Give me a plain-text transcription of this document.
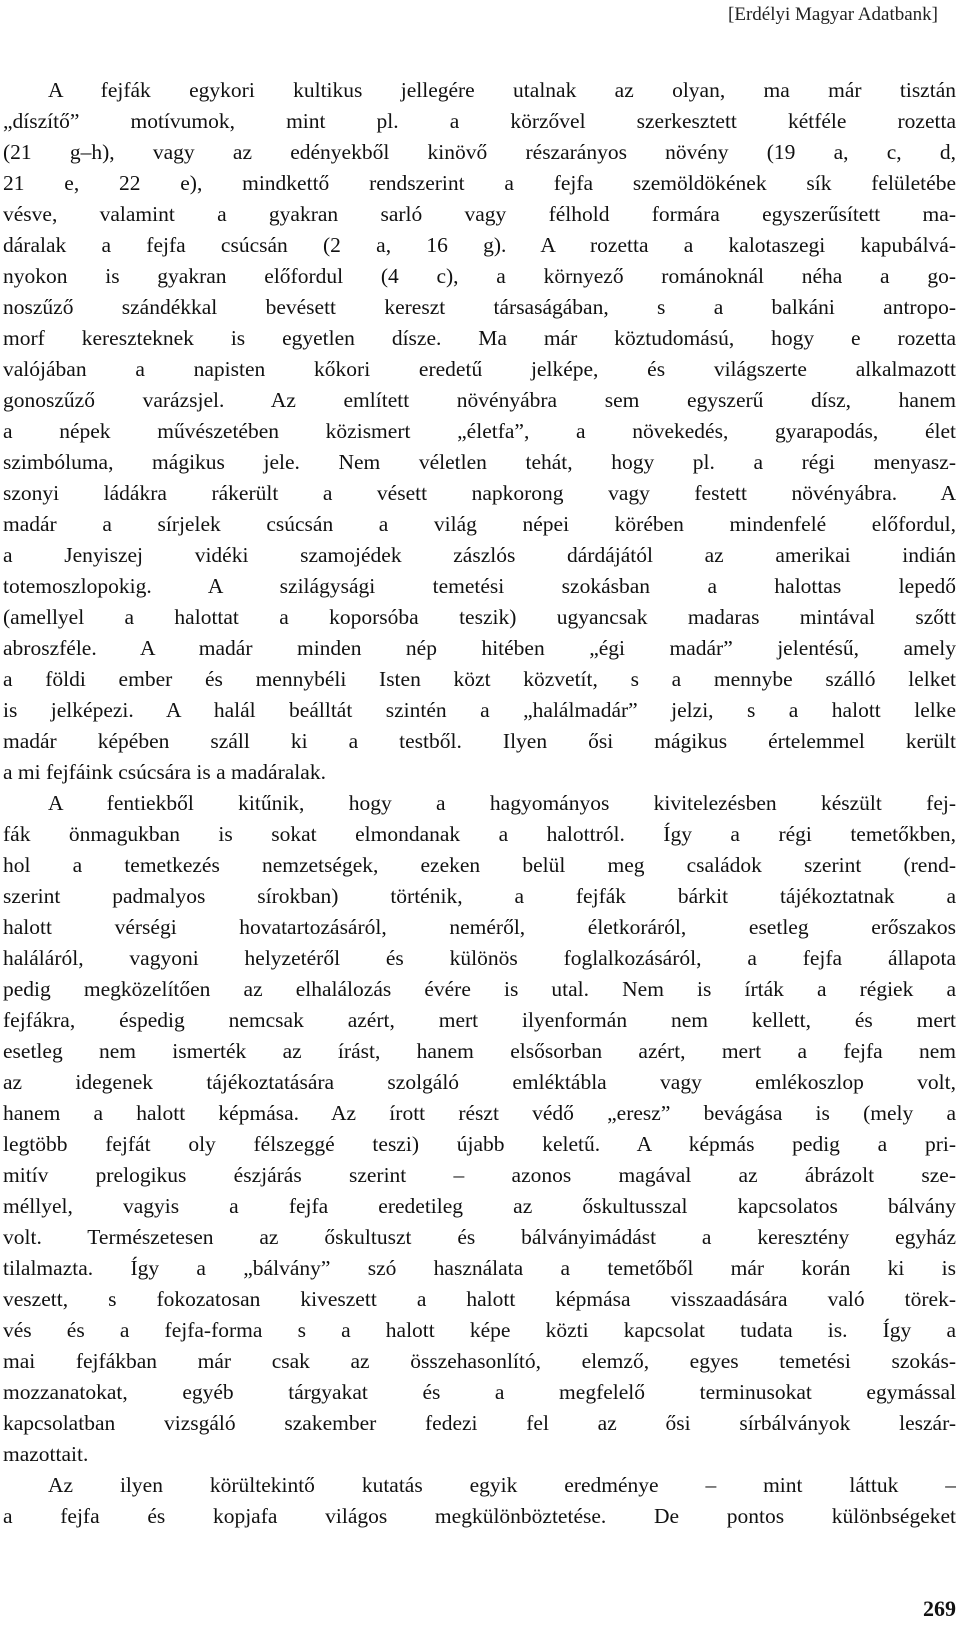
[Erdélyi Magyar Adatbank]
A fejfák egykori kultikus jellegére utalnak az olyan, ma már tisztán
„díszítő” motívumok, mint pl. a körzővel szerkesztett kétféle rozetta
(21 g–h), vagy az edényekből kinövő részarányos növény (19 a, c, d,
21 e, 22 e), mindkettő rendszerint a fejfa szemöldökének sík felületébe
vésve, valamint a gyakran sarló vagy félhold formára egyszerűsített ma-
dáralak a fejfa csúcsán (2 a, 16 g). A rozetta a kalotaszegi kapubálvá-
nyokon is gyakran előfordul (4 c), a környező románoknál néha a go-
noszűző szándékkal bevésett kereszt társaságában, s a balkáni antropo-
morf kereszteknek is egyetlen dísze. Ma már köztudomású, hogy e rozetta
valójában a napisten kőkori eredetű jelképe, és világszerte alkalmazott
gonoszűző varázsjel. Az említett növényábra sem egyszerű dísz, hanem
a népek művészetében közismert „életfa”, a növekedés, gyarapodás, élet
szimbóluma, mágikus jele. Nem véletlen tehát, hogy pl. a régi menyasz-
szonyi ládákra rákerült a vésett napkorong vagy festett növényábra. A
madár a sírjelek csúcsán a világ népei körében mindenfelé előfordul,
a Jenyiszej vidéki szamojédek zászlós dárdájától az amerikai indián
totemoszlopokig. A szilágysági temetési szokásban a halottas lepedő
(amellyel a halottat a koporsóba teszik) ugyancsak madaras mintával szőtt
abroszféle. A madár minden nép hitében „égi madár” jelentésű, amely
a földi ember és mennybéli Isten közt közvetít, s a mennybe szálló lelket
is jelképezi. A halál beálltát szintén a „halálmadár” jelzi, s a halott lelke
madár képében száll ki a testből. Ilyen ősi mágikus értelemmel került
a mi fejfáink csúcsára is a madáralak.
A fentiekből kitűnik, hogy a hagyományos kivitelezésben készült fej-
fák önmagukban is sokat elmondanak a halottról. Így a régi temetőkben,
hol a temetkezés nemzetségek, ezeken belül meg családok szerint (rend-
szerint padmalyos sírokban) történik, a fejfák bárkit tájékoztatnak a
halott vérségi hovatartozásáról, neméről, életkoráról, esetleg erőszakos
haláláról, vagyoni helyzetéről és különös foglalkozásáról, a fejfa állapota
pedig megközelítően az elhalálozás évére is utal. Nem is írták a régiek a
fejfákra, éspedig nemcsak azért, mert ilyenformán nem kellett, és mert
esetleg nem ismerték az írást, hanem elsősorban azért, mert a fejfa nem
az idegenek tájékoztatására szolgáló emléktábla vagy emlékoszlop volt,
hanem a halott képmása. Az írott részt védő „eresz” bevágása is (mely a
legtöbb fejfát oly félszeggé teszi) újabb keletű. A képmás pedig a pri-
mitív prelogikus észjárás szerint – azonos magával az ábrázolt sze-
méllyel, vagyis a fejfa eredetileg az őskultusszal kapcsolatos bálvány
volt. Természetesen az őskultuszt és bálványimádást a keresztény egyház
tilalmazta. Így a „bálvány” szó használata a temetőből már korán ki is
veszett, s fokozatosan kiveszett a halott képmása visszaadására való törek-
vés és a fejfa-forma s a halott képe közti kapcsolat tudata is. Így a
mai fejfákban már csak az összehasonlító, elemző, egyes temetési szokás-
mozzanatokat, egyéb tárgyakat és a megfelelő terminusokat egymással
kapcsolatban vizsgáló szakember fedezi fel az ősi sírbálványok leszár-
mazottait.
Az ilyen körültekintő kutatás egyik eredménye – mint láttuk –
a fejfa és kopjafa világos megkülönböztetése. De pontos különbségeket
269
